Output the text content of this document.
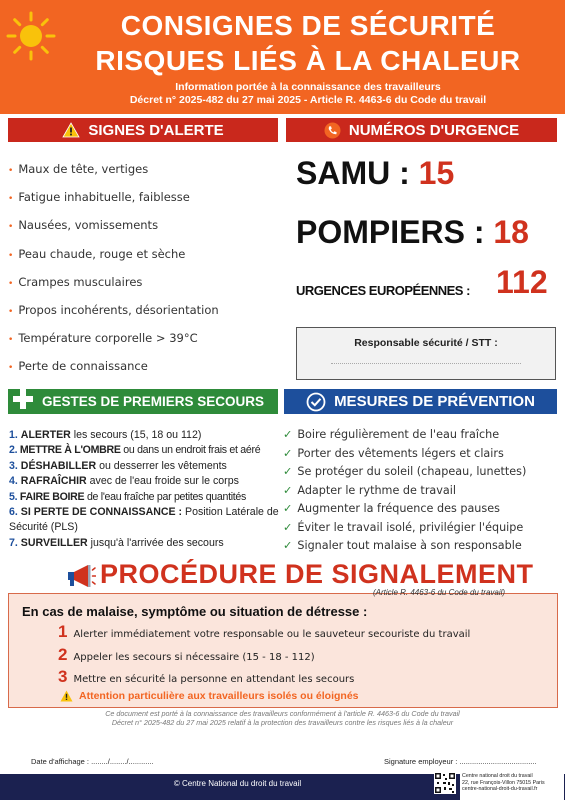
CONSIGNES DE SÉCURITÉ
RISQUES LIÉS À LA CHALEUR
Information portée à la connaissance des travailleurs
Décret n° 2025-482 du 27 mai 2025 - Article R. 4463-6 du Code du travail
SIGNES D'ALERTE
• Maux de tête, vertiges
• Fatigue inhabituelle, faiblesse
• Nausées, vomissements
• Peau chaude, rouge et sèche
• Crampes musculaires
• Propos incohérents, désorientation
• Température corporelle > 39°C
• Perte de connaissance
NUMÉROS D'URGENCE
SAMU : 15
POMPIERS : 18
URGENCES EUROPÉENNES : 112
Responsable sécurité / STT :
GESTES DE PREMIERS SECOURS
1. ALERTER les secours (15, 18 ou 112)
2. METTRE À L'OMBRE ou dans un endroit frais et aéré
3. DÉSHABILLER ou desserrer les vêtements
4. RAFRAÎCHIR avec de l'eau froide sur le corps
5. FAIRE BOIRE de l'eau fraîche par petites quantités
6. SI PERTE DE CONNAISSANCE : Position Latérale de Sécurité (PLS)
7. SURVEILLER jusqu'à l'arrivée des secours
MESURES DE PRÉVENTION
✓ Boire régulièrement de l'eau fraîche
✓ Porter des vêtements légers et clairs
✓ Se protéger du soleil (chapeau, lunettes)
✓ Adapter le rythme de travail
✓ Augmenter la fréquence des pauses
✓ Éviter le travail isolé, privilégier l'équipe
✓ Signaler tout malaise à son responsable
PROCÉDURE DE SIGNALEMENT
(Article R. 4463-6 du Code du travail)
En cas de malaise, symptôme ou situation de détresse :
1 Alerter immédiatement votre responsable ou le sauveteur secouriste du travail
2 Appeler les secours si nécessaire (15 - 18 - 112)
3 Mettre en sécurité la personne en attendant les secours
Attention particulière aux travailleurs isolés ou éloignés
Ce document est porté à la connaissance des travailleurs conformément à l'article R. 4463-6 du Code du travail
Décret n° 2025-482 du 27 mai 2025 relatif à la protection des travailleurs contre les risques liés à la chaleur
Date d'affichage : ......../......../............	Signature employeur : .....................................
© Centre National du droit du travail
Centre national droit du travail
22, rue François-Villon 75015 Paris
centre-national-droit-du-travail.fr
